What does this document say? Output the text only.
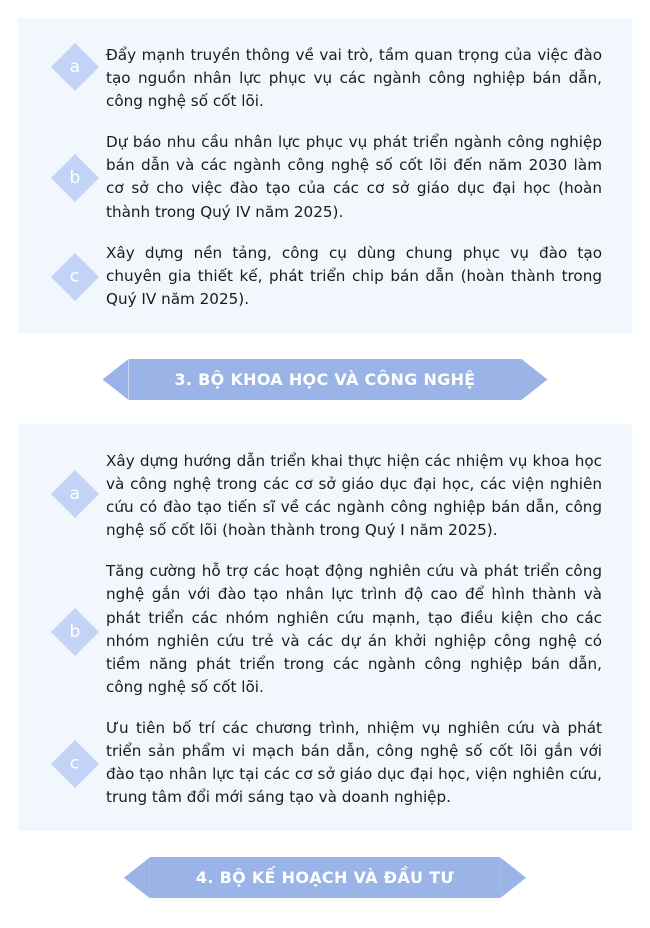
a
Đẩy mạnh truyền thông về vai trò, tầm quan trọng của việc đào tạo nguồn nhân lực phục vụ các ngành công nghiệp bán dẫn, công nghệ số cốt lõi.
b
Dự báo nhu cầu nhân lực phục vụ phát triển ngành công nghiệp bán dẫn và các ngành công nghệ số cốt lõi đến năm 2030 làm cơ sở cho việc đào tạo của các cơ sở giáo dục đại học (hoàn thành trong Quý IV năm 2025).
c
Xây dựng nền tảng, công cụ dùng chung phục vụ đào tạo chuyên gia thiết kế, phát triển chip bán dẫn (hoàn thành trong Quý IV năm 2025).
3. BỘ KHOA HỌC VÀ CÔNG NGHỆ
a
Xây dựng hướng dẫn triển khai thực hiện các nhiệm vụ khoa học và công nghệ trong các cơ sở giáo dục đại học, các viện nghiên cứu có đào tạo tiến sĩ về các ngành công nghiệp bán dẫn, công nghệ số cốt lõi (hoàn thành trong Quý I năm 2025).
b
Tăng cường hỗ trợ các hoạt động nghiên cứu và phát triển công nghệ gắn với đào tạo nhân lực trình độ cao để hình thành và phát triển các nhóm nghiên cứu mạnh, tạo điều kiện cho các nhóm nghiên cứu trẻ và các dự án khởi nghiệp công nghệ có tiềm năng phát triển trong các ngành công nghiệp bán dẫn, công nghệ số cốt lõi.
c
Ưu tiên bố trí các chương trình, nhiệm vụ nghiên cứu và phát triển sản phẩm vi mạch bán dẫn, công nghệ số cốt lõi gắn với đào tạo nhân lực tại các cơ sở giáo dục đại học, viện nghiên cứu, trung tâm đổi mới sáng tạo và doanh nghiệp.
4. BỘ KẾ HOẠCH VÀ ĐẦU TƯ
